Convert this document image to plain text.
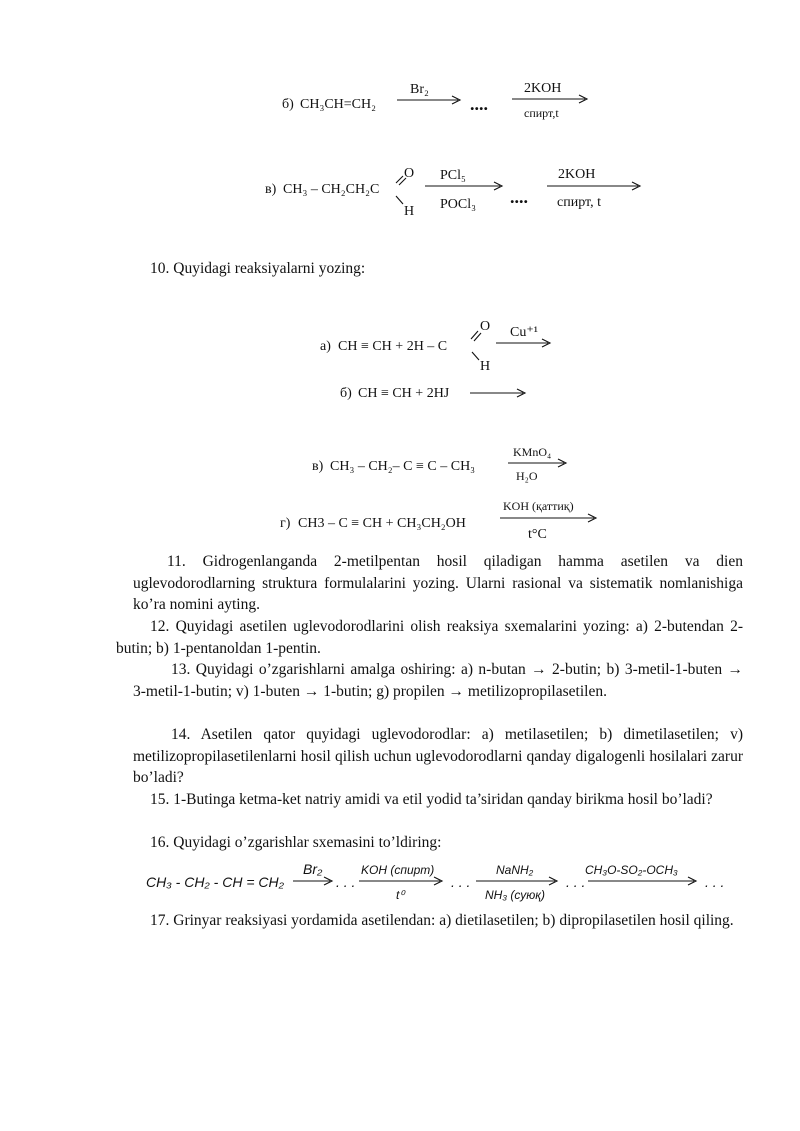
б) CH₃CH=CH₂
Br₂
....
2KOH
спирт,t
в) CH₃ – CH₂CH₂C
O
H
PCl₅
POCl₃ ....
2KOH
спирт, t

10. Quyidagi reaksiyalarni yozing:

а) CH ≡ CH + 2H – C
O
H
Cu⁺¹
б) CH ≡ CH + 2HJ
в) CH₃ – CH₂– C ≡ C – CH₃
KMnO₄
H₂O
г) CH3 – C ≡ CH + CH₃CH₂OH
KOH (қаттиқ)
t°C

11. Gidrogenlanganda 2-metilpentan hosil qiladigan hamma asetilen va dien uglevodorodlarning struktura formulalarini yozing. Ularni rasional va sistematik nomlanishiga ko’ra nomini ayting.

12. Quyidagi asetilen uglevodorodlarini olish reaksiya sxemalarini yozing: a) 2-butendan 2-butin; b) 1-pentanoldan 1-pentin.

13. Quyidagi o’zgarishlarni amalga oshiring: a) n-butan → 2-butin; b) 3-metil-1-buten → 3-metil-1-butin; v) 1-buten → 1-butin; g) propilen → metilizopropilasetilen.

14. Asetilen qator quyidagi uglevodorodlar: a) metilasetilen; b) dimetilasetilen; v) metilizopropilasetilenlarni hosil qilish uchun uglevodorodlarni qanday digalogenli hosilalari zarur bo’ladi?

15. 1-Butinga ketma-ket natriy amidi va etil yodid ta’siridan qanday birikma hosil bo’ladi?

16. Quyidagi o’zgarishlar sxemasini to’ldiring:

CH₃ - CH₂ - CH = CH₂
Br₂
. . .
KOH (спирт)
t⁰
. . .
NaNH₂
NH₃ (суюқ)
. . .
CH₃O-SO₂-OCH₃
. . .

17. Grinyar reaksiyasi yordamida asetilendan: a) dietilasetilen; b) dipropilasetilen hosil qiling.
